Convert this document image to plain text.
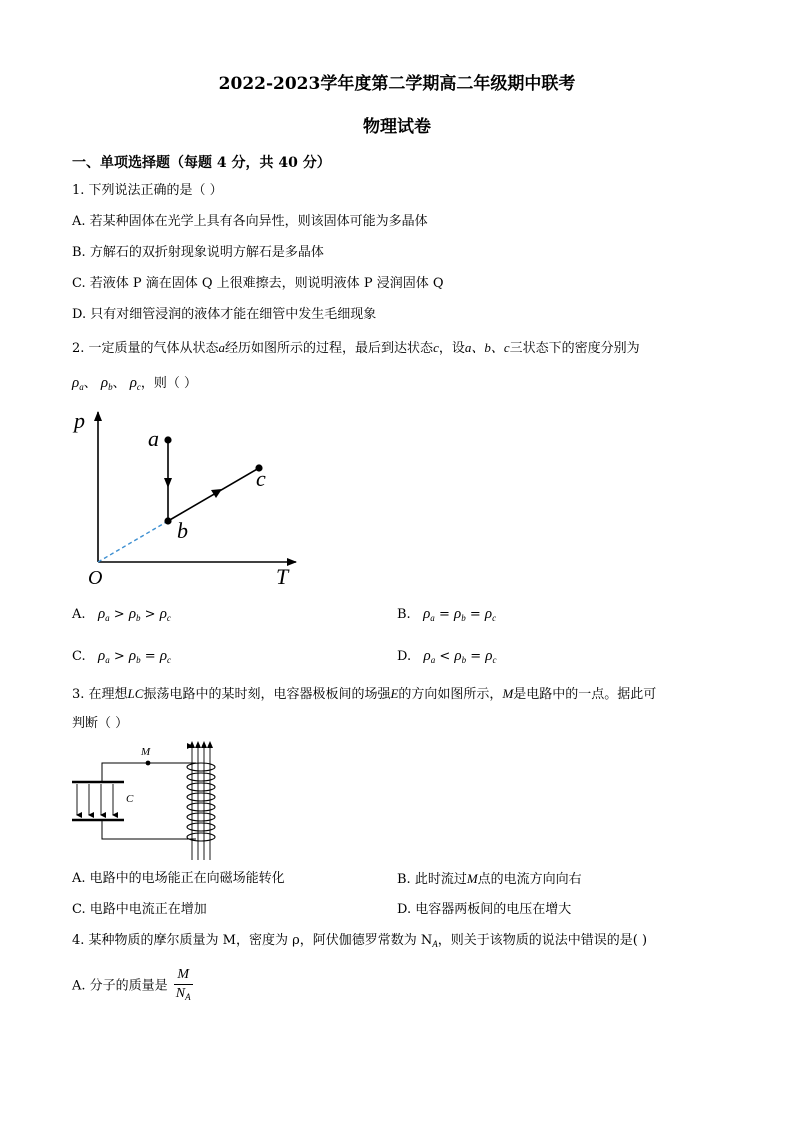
2022-2023学年度第二学期高二年级期中联考
物理试卷
一、单项选择题（每题 4 分，共 40 分）
1. 下列说法正确的是（ ）
A. 若某种固体在光学上具有各向异性，则该固体可能为多晶体
B. 方解石的双折射现象说明方解石是多晶体
C. 若液体 P 滴在固体 Q 上很难擦去，则说明液体 P 浸润固体 Q
D. 只有对细管浸润的液体才能在细管中发生毛细现象
2. 一定质量的气体从状态a经历如图所示的过程，最后到达状态c，设a、b、c三状态下的密度分别为
$\rho_a$、 $\rho_b$、 $\rho_c$，则（ ）
p
T
O
a
b
c
A. $\rho_a > \rho_b > \rho_c$	B. $\rho_a = \rho_b = \rho_c$
C. $\rho_a > \rho_b = \rho_c$	D. $\rho_a < \rho_b = \rho_c$
3. 在理想LC振荡电路中的某时刻，电容器极板间的场强E的方向如图所示，M是电路中的一点。据此可
判断（ ）
M
C
A. 电路中的电场能正在向磁场能转化	B. 此时流过M点的电流方向向右
C. 电路中电流正在增加	D. 电容器两板间的电压在增大
4. 某种物质的摩尔质量为 M，密度为 ρ，阿伏伽德罗常数为 $N_A$，则关于该物质的说法中错误的是( )
A. 分子的质量是 $\frac{M}{N_A}$
